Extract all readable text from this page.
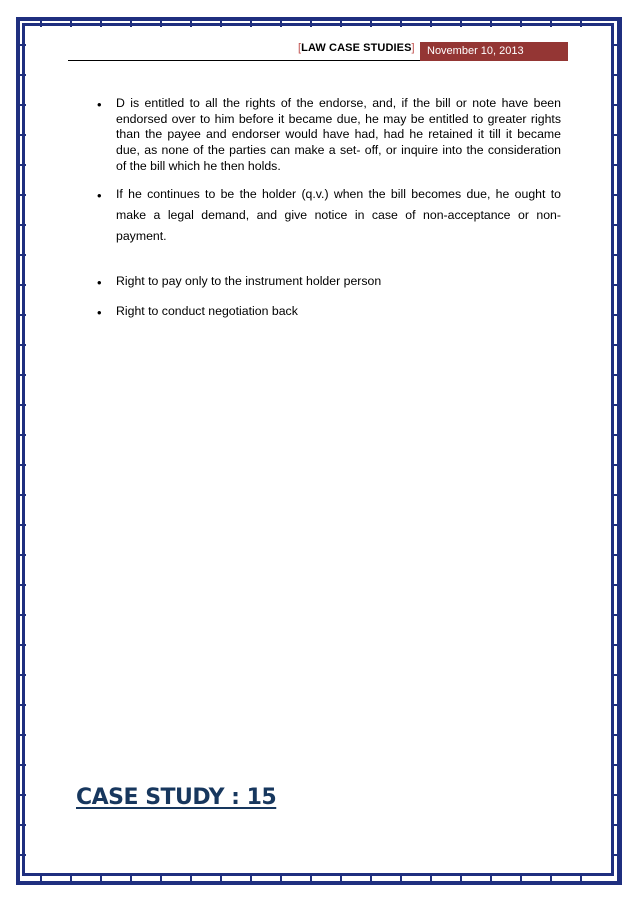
[LAW CASE STUDIES]	November 10, 2013
• D is entitled to all the rights of the endorse, and, if the bill or note have been endorsed over to him before it became due, he may be entitled to greater rights than the payee and endorser would have had, had he retained it till it became due, as none of the parties can make a set- off, or inquire into the consideration of the bill which he then holds.
• If he continues to be the holder (q.v.) when the bill becomes due, he ought to make a legal demand, and give notice in case of non-acceptance or non-payment.
• Right to pay only to the instrument holder person
• Right to conduct negotiation back
CASE STUDY : 15
